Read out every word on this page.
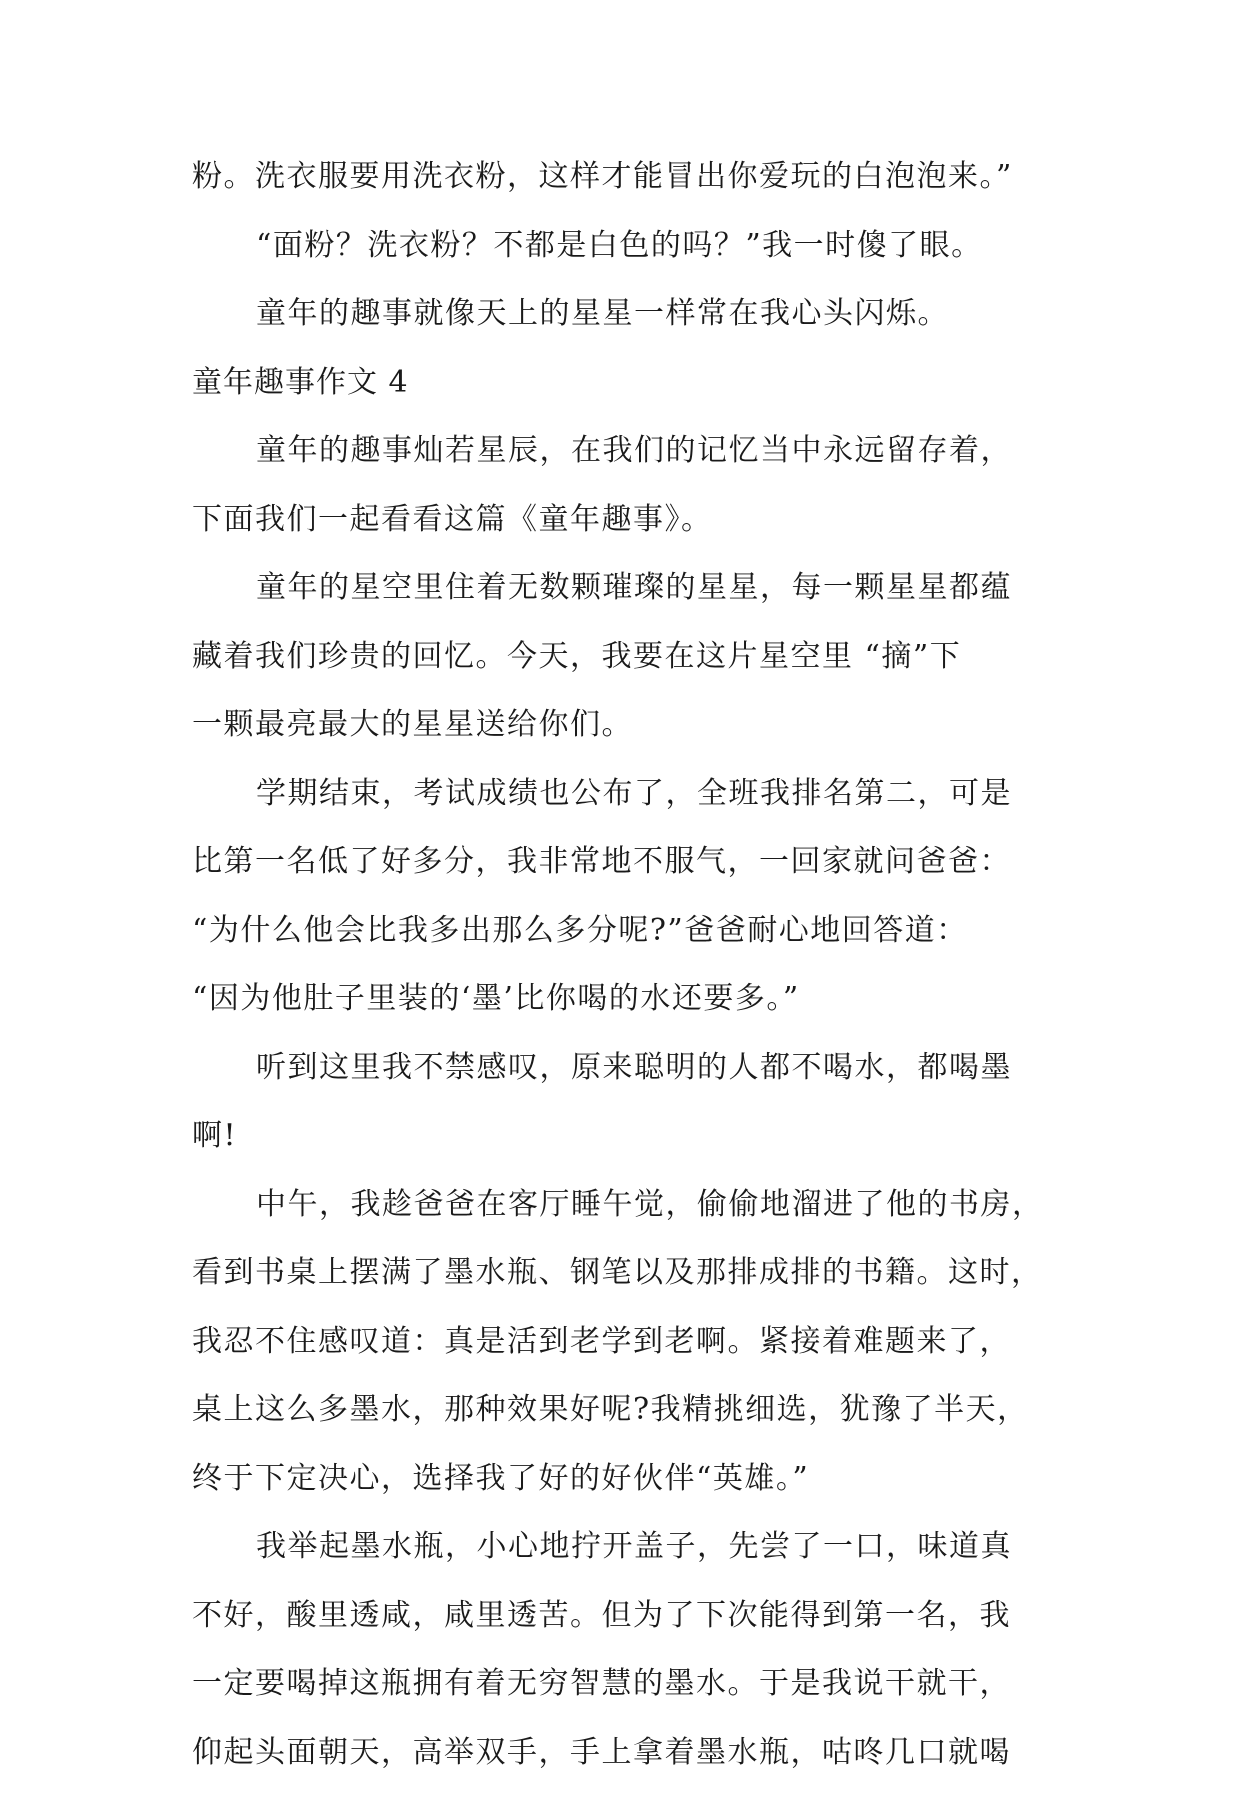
粉。洗衣服要用洗衣粉，这样才能冒出你爱玩的白泡泡来。”
“面粉？洗衣粉？不都是白色的吗？”我一时傻了眼。
童年的趣事就像天上的星星一样常在我心头闪烁。
童年趣事作文 4
童年的趣事灿若星辰，在我们的记忆当中永远留存着，
下面我们一起看看这篇《童年趣事》。
童年的星空里住着无数颗璀璨的星星，每一颗星星都蕴
藏着我们珍贵的回忆。今天，我要在这片星空里 “摘”下
一颗最亮最大的星星送给你们。
学期结束，考试成绩也公布了，全班我排名第二，可是
比第一名低了好多分，我非常地不服气，一回家就问爸爸：
“为什么他会比我多出那么多分呢?”爸爸耐心地回答道：
“因为他肚子里装的‘墨’比你喝的水还要多。”
听到这里我不禁感叹，原来聪明的人都不喝水，都喝墨
啊!
中午，我趁爸爸在客厅睡午觉，偷偷地溜进了他的书房，
看到书桌上摆满了墨水瓶、钢笔以及那排成排的书籍。这时，
我忍不住感叹道：真是活到老学到老啊。紧接着难题来了，
桌上这么多墨水，那种效果好呢?我精挑细选，犹豫了半天，
终于下定决心，选择我了好的好伙伴“英雄。”
我举起墨水瓶，小心地拧开盖子，先尝了一口，味道真
不好，酸里透咸，咸里透苦。但为了下次能得到第一名，我
一定要喝掉这瓶拥有着无穷智慧的墨水。于是我说干就干，
仰起头面朝天，高举双手，手上拿着墨水瓶，咕咚几口就喝
